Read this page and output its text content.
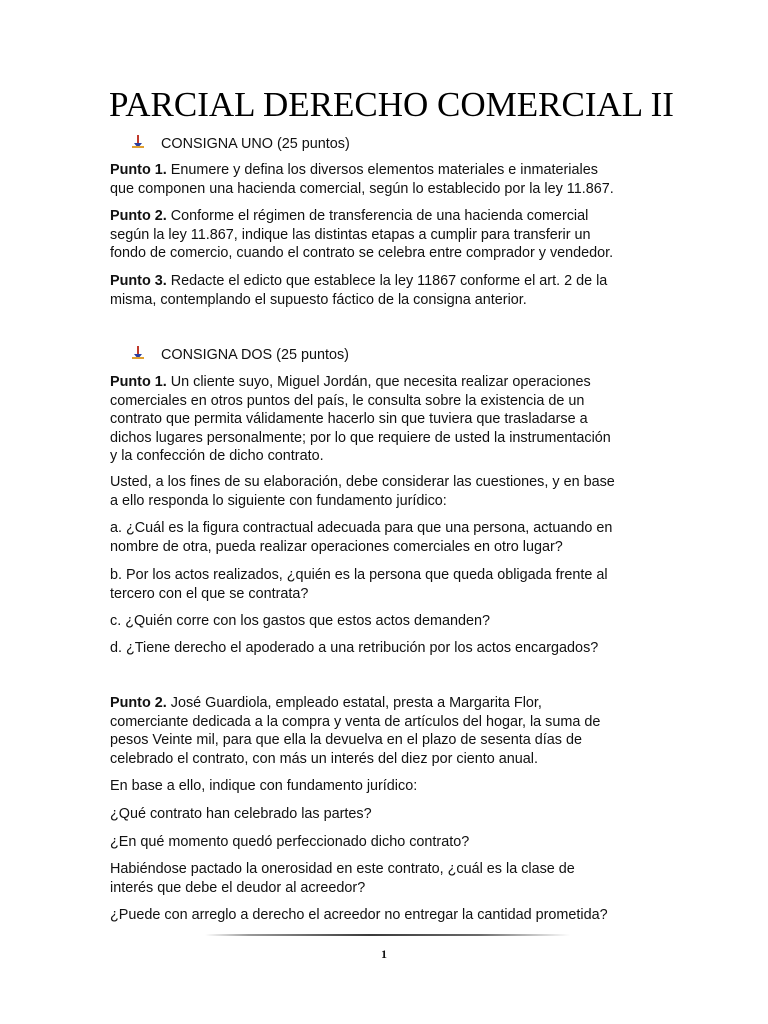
PARCIAL DERECHO COMERCIAL II
CONSIGNA UNO (25 puntos)

Punto 1. Enumere y defina los diversos elementos materiales e inmateriales
que componen una hacienda comercial, según lo establecido por la ley 11.867.

Punto 2. Conforme el régimen de transferencia de una hacienda comercial
según la ley 11.867, indique las distintas etapas a cumplir para transferir un
fondo de comercio, cuando el contrato se celebra entre comprador y vendedor.

Punto 3. Redacte el edicto que establece la ley 11867 conforme el art. 2 de la
misma, contemplando el supuesto fáctico de la consigna anterior.

CONSIGNA DOS (25 puntos)

Punto 1. Un cliente suyo, Miguel Jordán, que necesita realizar operaciones
comerciales en otros puntos del país, le consulta sobre la existencia de un
contrato que permita válidamente hacerlo sin que tuviera que trasladarse a
dichos lugares personalmente; por lo que requiere de usted la instrumentación
y la confección de dicho contrato.

Usted, a los fines de su elaboración, debe considerar las cuestiones, y en base
a ello responda lo siguiente con fundamento jurídico:

a. ¿Cuál es la figura contractual adecuada para que una persona, actuando en
nombre de otra, pueda realizar operaciones comerciales en otro lugar?

b. Por los actos realizados, ¿quién es la persona que queda obligada frente al
tercero con el que se contrata?

c. ¿Quién corre con los gastos que estos actos demanden?

d. ¿Tiene derecho el apoderado a una retribución por los actos encargados?

Punto 2. José Guardiola, empleado estatal, presta a Margarita Flor,
comerciante dedicada a la compra y venta de artículos del hogar, la suma de
pesos Veinte mil, para que ella la devuelva en el plazo de sesenta días de
celebrado el contrato, con más un interés del diez por ciento anual.

En base a ello, indique con fundamento jurídico:

¿Qué contrato han celebrado las partes?

¿En qué momento quedó perfeccionado dicho contrato?

Habiéndose pactado la onerosidad en este contrato, ¿cuál es la clase de
interés que debe el deudor al acreedor?

¿Puede con arreglo a derecho el acreedor no entregar la cantidad prometida?

1
